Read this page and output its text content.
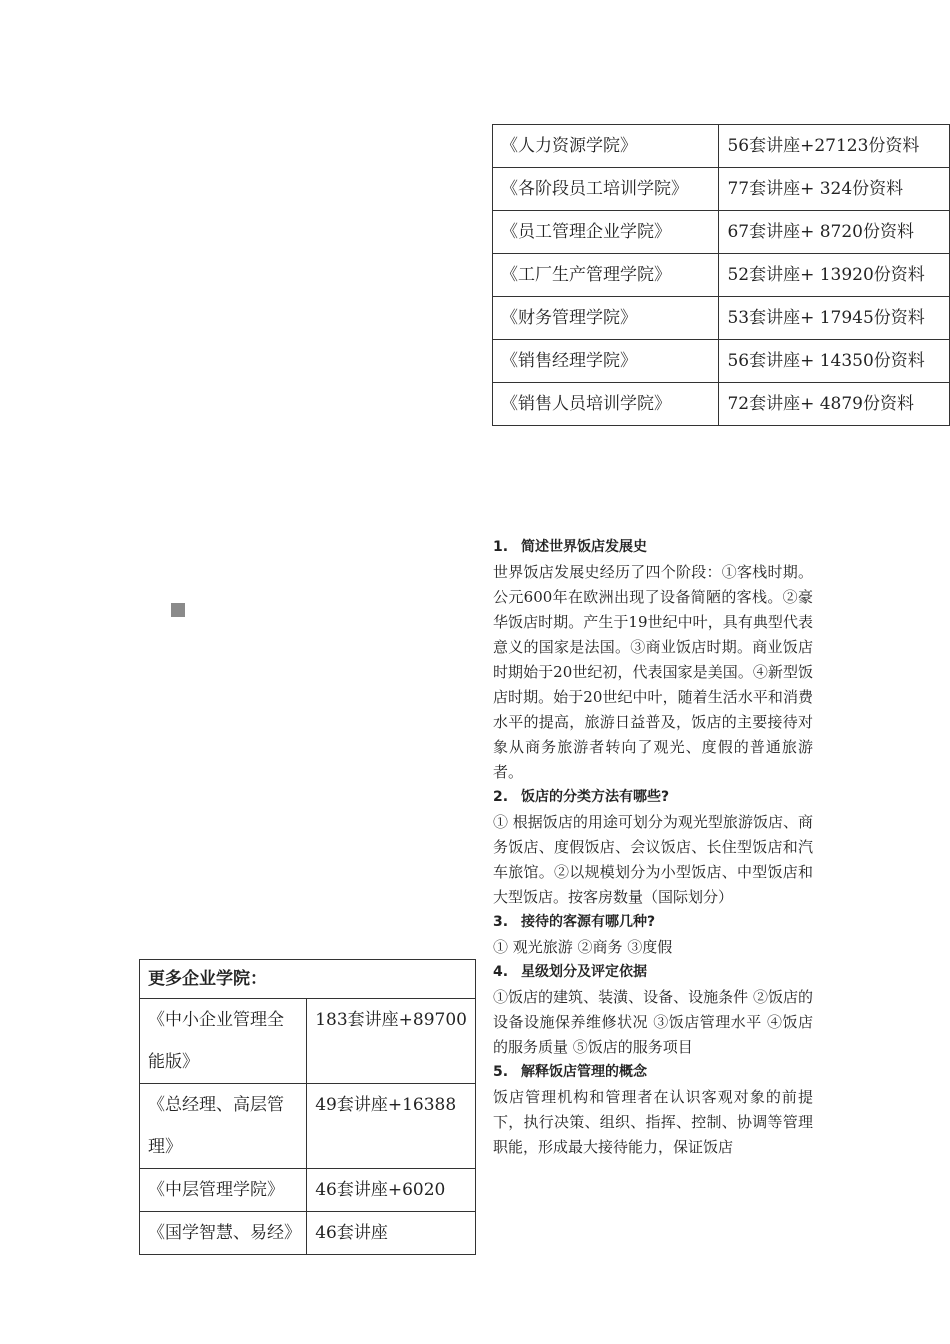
《人力资源学院》	56套讲座+27123份资料
《各阶段员工培训学院》	77套讲座+ 324份资料
《员工管理企业学院》	67套讲座+ 8720份资料
《工厂生产管理学院》	52套讲座+ 13920份资料
《财务管理学院》	53套讲座+ 17945份资料
《销售经理学院》	56套讲座+ 14350份资料
《销售人员培训学院》	72套讲座+ 4879份资料
1. 简述世界饭店发展史
世界饭店发展史经历了四个阶段：①客栈时期。公元600年在欧洲出现了设备简陋的客栈。②豪华饭店时期。产生于19世纪中叶，具有典型代表意义的国家是法国。③商业饭店时期。商业饭店时期始于20世纪初，代表国家是美国。④新型饭店时期。始于20世纪中叶，随着生活水平和消费水平的提高，旅游日益普及，饭店的主要接待对象从商务旅游者转向了观光、度假的普通旅游者。
2. 饭店的分类方法有哪些?
① 根据饭店的用途可划分为观光型旅游饭店、商务饭店、度假饭店、会议饭店、长住型饭店和汽车旅馆。②以规模划分为小型饭店、中型饭店和大型饭店。按客房数量（国际划分）
3. 接待的客源有哪几种?
① 观光旅游 ②商务 ③度假
4. 星级划分及评定依据
①饭店的建筑、装潢、设备、设施条件 ②饭店的设备设施保养维修状况 ③饭店管理水平 ④饭店的服务质量 ⑤饭店的服务项目
5. 解释饭店管理的概念
饭店管理机构和管理者在认识客观对象的前提下，执行决策、组织、指挥、控制、协调等管理职能，形成最大接待能力，保证饭店
更多企业学院：	
《中小企业管理全能版》	183套讲座+89700
《总经理、高层管理》	49套讲座+16388
《中层管理学院》	46套讲座+6020
《国学智慧、易经》	46套讲座
